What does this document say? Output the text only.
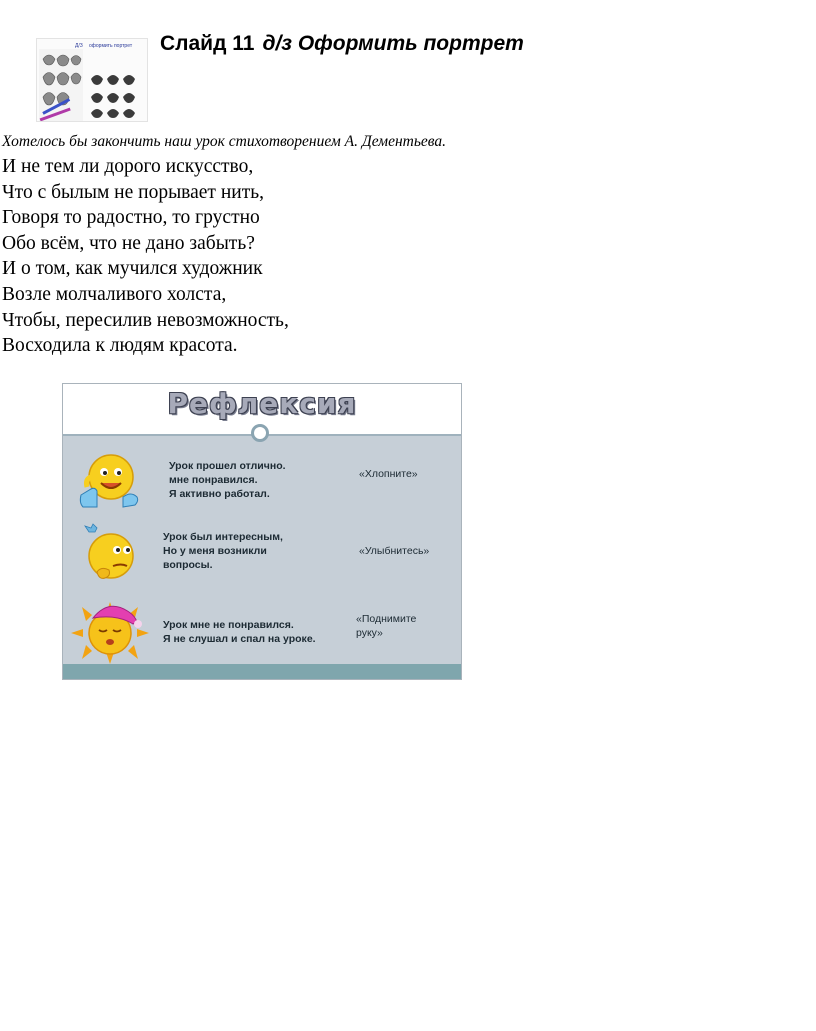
Д/З оформить портрет Слайд 11 д/з Оформить портрет
Хотелось бы закончить наш урок стихотворением А. Дементьева.
И не тем ли дорого искусство,
Что с былым не порывает нить,
Говоря то радостно, то грустно
Обо всём, что не дано забыть?
И о том, как мучился художник
Возле молчаливого холста,
Чтобы, пересилив невозможность,
Восходила к людям красота.
Рефлексия
Урок прошел отлично.
мне понравился.
Я активно работал.
«Хлопните»
Урок был интересным,
Но у меня возникли
вопросы.
«Улыбнитесь»
Урок мне не понравился.
Я не слушал и спал на уроке.
«Поднимите
руку»
